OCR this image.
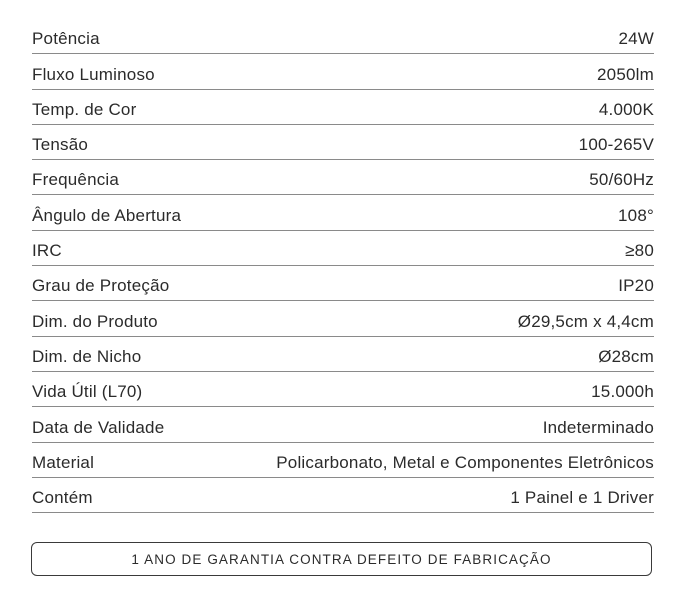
Potência	24W
Fluxo Luminoso	2050lm
Temp. de Cor	4.000K
Tensão	100-265V
Frequência	50/60Hz
Ângulo de Abertura	108°
IRC	≥80
Grau de Proteção	IP20
Dim. do Produto	Ø29,5cm x 4,4cm
Dim. de Nicho	Ø28cm
Vida Útil (L70)	15.000h
Data de Validade	Indeterminado
Material	Policarbonato, Metal e Componentes Eletrônicos
Contém	1 Painel e 1 Driver
1 ANO DE GARANTIA CONTRA DEFEITO DE FABRICAÇÃO
